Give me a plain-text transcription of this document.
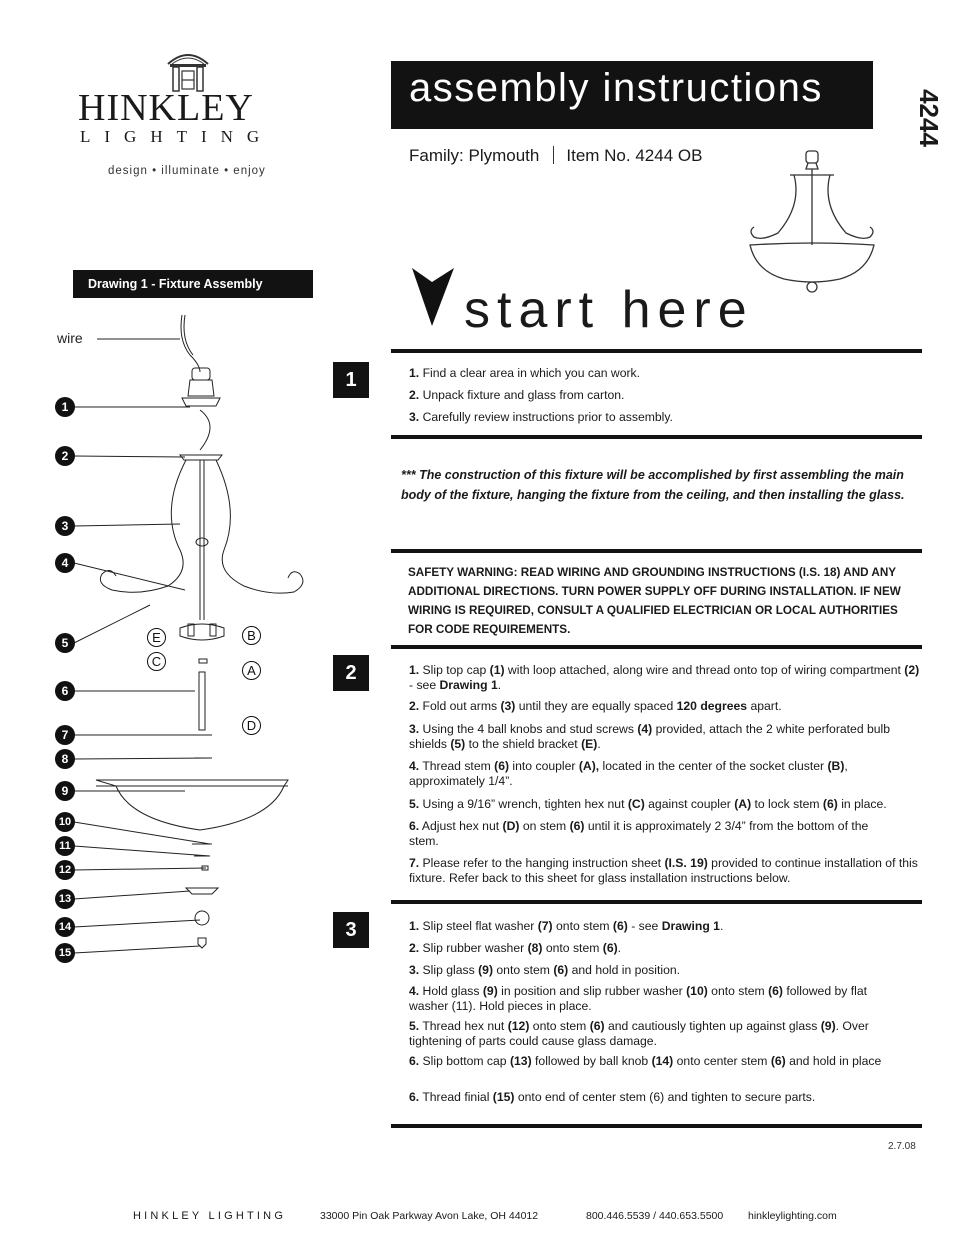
HINKLEY
LIGHTING
design • illuminate • enjoy
assembly instructions
4244
Family: Plymouth Item No. 4244 OB
Drawing 1 - Fixture Assembly	start here
wire
1
2
3
4
5
6
7
8
9
10
11
12
13
14
15
E	B
C
A
D
1	1. Find a clear area in which you can work.
2. Unpack fixture and glass from carton.
3. Carefully review instructions prior to assembly.
*** The construction of this fixture will be accomplished by first assembling the main body of the fixture, hanging the fixture from the ceiling, and then installing the glass.
SAFETY WARNING: READ WIRING AND GROUNDING INSTRUCTIONS (I.S. 18) AND ANY ADDITIONAL DIRECTIONS. TURN POWER SUPPLY OFF DURING INSTALLATION. IF NEW WIRING IS REQUIRED, CONSULT A QUALIFIED ELECTRICIAN OR LOCAL AUTHORITIES FOR CODE REQUIREMENTS.
2	1. Slip top cap (1) with loop attached, along wire and thread onto top of wiring compartment (2) - see Drawing 1.
2. Fold out arms (3) until they are equally spaced 120 degrees apart.
3. Using the 4 ball knobs and stud screws (4) provided, attach the 2 white perforated bulb shields (5) to the shield bracket (E).
4. Thread stem (6) into coupler (A), located in the center of the socket cluster (B), approximately 1/4”.
5. Using a 9/16” wrench, tighten hex nut (C) against coupler (A) to lock stem (6) in place.
6. Adjust hex nut (D) on stem (6) until it is approximately 2 3/4” from the bottom of the stem.
7. Please refer to the hanging instruction sheet (I.S. 19) provided to continue installation of this fixture. Refer back to this sheet for glass installation instructions below.
3	1. Slip steel flat washer (7) onto stem (6) - see Drawing 1.
2. Slip rubber washer (8) onto stem (6).
3. Slip glass (9) onto stem (6) and hold in position.
4. Hold glass (9) in position and slip rubber washer (10) onto stem (6) followed by flat washer (11). Hold pieces in place.
5. Thread hex nut (12) onto stem (6) and cautiously tighten up against glass (9). Over tightening of parts could cause glass damage.
6. Slip bottom cap (13) followed by ball knob (14) onto center stem (6) and hold in place
6. Thread finial (15) onto end of center stem (6) and tighten to secure parts.
2.7.08
HINKLEY LIGHTING	33000 Pin Oak Parkway Avon Lake, OH 44012	800.446.5539 / 440.653.5500 hinkleylighting.com
